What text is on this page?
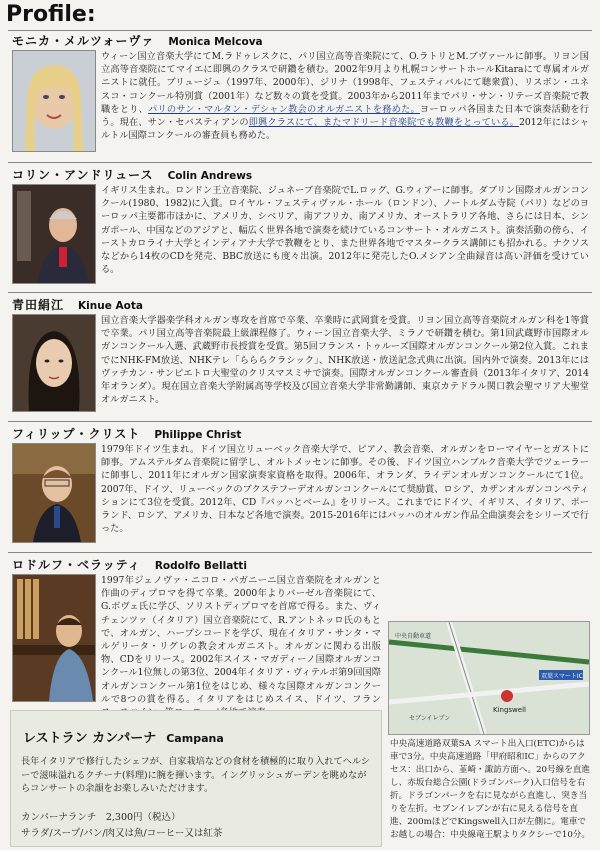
Profile:
モニカ・メルツォーヴァ Monica Melcova
ウィーン国立音楽大学にてM.ラドゥレスクに、パリ国立高等音楽院にて、O.ラトリとM.ブヴァールに師事。リヨン国立高等音楽院にてマイエに即興のクラスで研鑽を積む。2002年9月より札幌コンサートホールKitaraにて専属オルガニストに就任。ブリュージュ（1997年、2000年）、ジリナ（1998年、フェスティバルにて聴衆賞）、リスボン・ユネスコ・コンクール特別賞（2001年）など数々の賞を受賞。2003年から2011年までパリ・サン・リテーズ音楽院で教職をとり、パリのサン・マルタン・デシャン教会のオルガニストを務めた。ヨーロッパ各国また日本で演奏活動を行う。現在、サン・セバスティアンの即興クラスにて、またマドリード音楽院でも教鞭をとっている。2012年にはシャルトル国際コンクールの審査員も務めた。
コリン・アンドリュース Colin Andrews
イギリス生まれ。ロンドン王立音楽院、ジュネーブ音楽院でL.ロッグ、G.ウィアーに師事。ダブリン国際オルガンコンクール(1980、1982)に入賞。ロイヤル・フェスティヴァル・ホール（ロンドン）、ノートルダム寺院（パリ）などのヨーロッパ主要都市ほかに、アメリカ、シベリア、南アフリカ、南アメリカ、オーストラリア各地、さらには日本、シンガポール、中国などのアジアと、幅広く世界各地で演奏を続けているコンサート・オルガニスト。演奏活動の傍ら、イーストカロライナ大学とインディアナ大学で教鞭をとり、また世界各地でマスタークラス講師にも招かれる。ナクソスなどから14枚のCDを発売、BBC放送にも度々出演。2012年に発売したO.メシアン全曲録音は高い評価を受けている。
青田絹江 Kinue Aota
国立音楽大学器楽学科オルガン専攻を首席で卒業、卒業時に武岡賞を受賞。リヨン国立高等音楽院オルガン科を1等賞で卒業。パリ国立高等音楽院最上級課程修了。ウィーン国立音楽大学、ミラノで研鑽を積む。第1回武蔵野市国際オルガンコンクール入選、武蔵野市長授賞を受賞。第5回フランス・トゥルーズ国際オルガンコンクール第2位入賞。これまでにNHK-FM放送、NHKテレ「らららクラシック」、NHK放送・放送記念式典に出演。国内外で演奏。2013年にはヴァチカン・サンピエトロ大聖堂のクリスマスミサで演奏。国際オルガンコンクール審査員（2013年イタリア、2014年オランダ）。現在国立音楽大学附属高等学校及び国立音楽大学非常勤講師、東京カテドラル関口教会聖マリア大聖堂オルガニスト。
フィリップ・クリスト Philippe Christ
1979年ドイツ生まれ。ドイツ国立リューベック音楽大学で、ピアノ、教会音楽、オルガンをローマイヤーとガストに師事。アムステルダム音楽院に留学し、オルトメッセンに師事。その後、ドイツ国立ハンブルク音楽大学でツェーラーに師事し、2011年にオルガン国家演奏家資格を取得。2006年、オランダ、ライデンオルガンコンクールにて1位。2007年、ドイツ、リューベックのブクステフーデオルガンコンクールにて奨励賞、ロシア、カザンオルガンコンペティションにて3位を受賞。2012年、CD『バッハとベーム』をリリース。これまでにドイツ、イギリス、イタリア、ポーランド、ロシア、アメリカ、日本など各地で演奏。2015-2016年にはバッハのオルガン作品全曲演奏会をシリーズで行った。
ロドルフ・ベラッティ Rodolfo Bellatti
1997年ジェノヴァ・ニコロ・パガニーニ国立音楽院をオルガンと作曲のディプロマを得て卒業。2000年よりバーゼル音楽院にて、G.ボヴェ氏に学び、ソリストディプロマを首席で得る。また、ヴィチェンツァ（イタリア）国立音楽院にて、R.アントネッロ氏のもとで、オルガン、ハープシコードを学び、現在イタリア・サンタ・マルゲリータ・リグレの教会オルガニスト。オルガンに関わる出版物、CDをリリース。2002年スイス・マガディーノ国際オルガンコンクール1位無しの第3位、2004年イタリア・ヴィテルボ第9回国際オルガンコンクール第1位をはじめ、様々な国際オルガンコンクールで8つの賞を得る。イタリアをはじめスイス、ドイツ、フラン
双葉スマートIC
中央自動車道
Kingswell
セブンイレブン
中央高速道路双葉SA スマート出入口(ETC)からは車で3分。中央高速道路「甲府昭和IC」からのアクセス：出口から、韮崎・諏訪方面へ。20号線を直進し、赤坂台総合公園(ドラゴンパーク)入口信号を右折。ドラゴンパークを右に見ながら直進し、突き当りを左折。セブンイレブンが右に見える信号を直進、200mほどでKingswell入口が左側に。電車でお越しの場合：中央線竜王駅よりタクシーで10分。
レストラン カンパーナ Campana
長年イタリアで修行したシェフが、自家栽培などの食材を積極的に取り入れてヘルシーで滋味溢れるクチーナ(料理)に腕を揮います。イングリッシュガーデンを眺めながらコンサートの余韻をお楽しみいただけます。
カンパーナランチ　2,300円（税込）
サラダ/スープ/パン/肉又は魚/コーヒー又は紅茶
